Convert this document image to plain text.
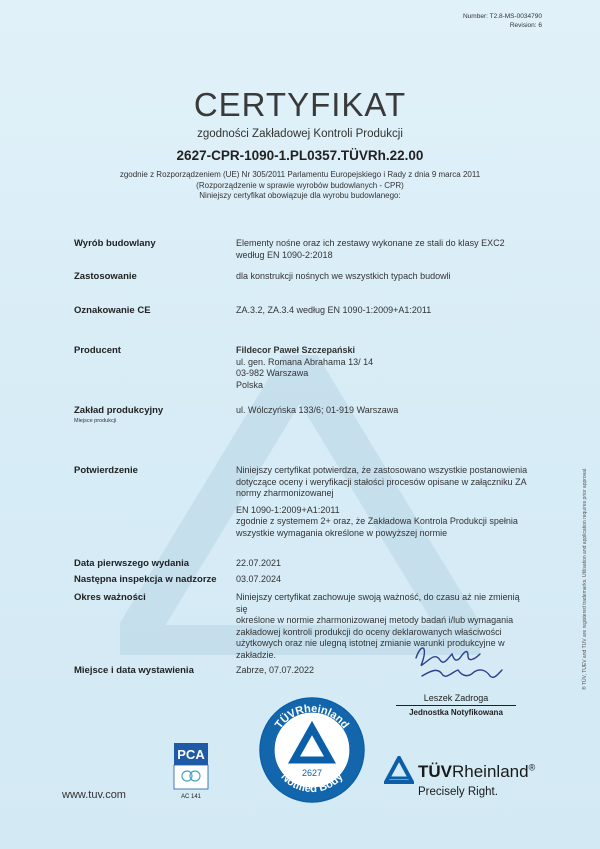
Number: T2.8-MS-0034790
Revision: 6
CERTYFIKAT
zgodności Zakładowej Kontroli Produkcji
2627-CPR-1090-1.PL0357.TÜVRh.22.00
zgodnie z Rozporządzeniem (UE) Nr 305/2011 Parlamentu Europejskiego i Rady z dnia 9 marca 2011
(Rozporządzenie w sprawie wyrobów budowlanych - CPR)
Niniejszy certyfikat obowiązuje dla wyrobu budowlanego:
Wyrób budowlany	Elementy nośne oraz ich zestawy wykonane ze stali do klasy EXC2
według EN 1090-2:2018
Zastosowanie	dla konstrukcji nośnych we wszystkich typach budowli
Oznakowanie CE	ZA.3.2, ZA.3.4 według EN 1090-1:2009+A1:2011
Producent	Fildecor Paweł Szczepański
ul. gen. Romana Abrahama 13/ 14
03-982 Warszawa
Polska
Zakład produkcyjny
Miejsce produkcji
ul. Wólczyńska 133/6; 01-919 Warszawa
Potwierdzenie	Niniejszy certyfikat potwierdza, że zastosowano wszystkie postanowienia
dotyczące oceny i weryfikacji stałości procesów opisane w załączniku ZA
normy zharmonizowanej
EN 1090-1:2009+A1:2011
zgodnie z systemem 2+ oraz, że Zakładowa Kontrola Produkcji spełnia
wszystkie wymagania określone w powyższej normie
Data pierwszego wydania	22.07.2021
Następna inspekcja w nadzorze 03.07.2024
Okres ważności	Niniejszy certyfikat zachowuje swoją ważność, do czasu aż nie zmienią się
określone w normie zharmonizowanej metody badań i/lub wymagania
zakładowej kontroli produkcji do oceny deklarowanych właściwości
użytkowych oraz nie ulegną istotnej zmianie warunki produkcyjne w
zakładzie.
Miejsce i data wystawienia	Zabrze, 07.07.2022
Leszek Zadroga
Jednostka Notyfikowana
® TÜV, TUEV and TUV are registered trademarks. Utilisation and application requires prior approval.
TÜVRheinland
Notified Body
2627
PCA
AC 141
TÜVRheinland®
Precisely Right.
www.tuv.com
